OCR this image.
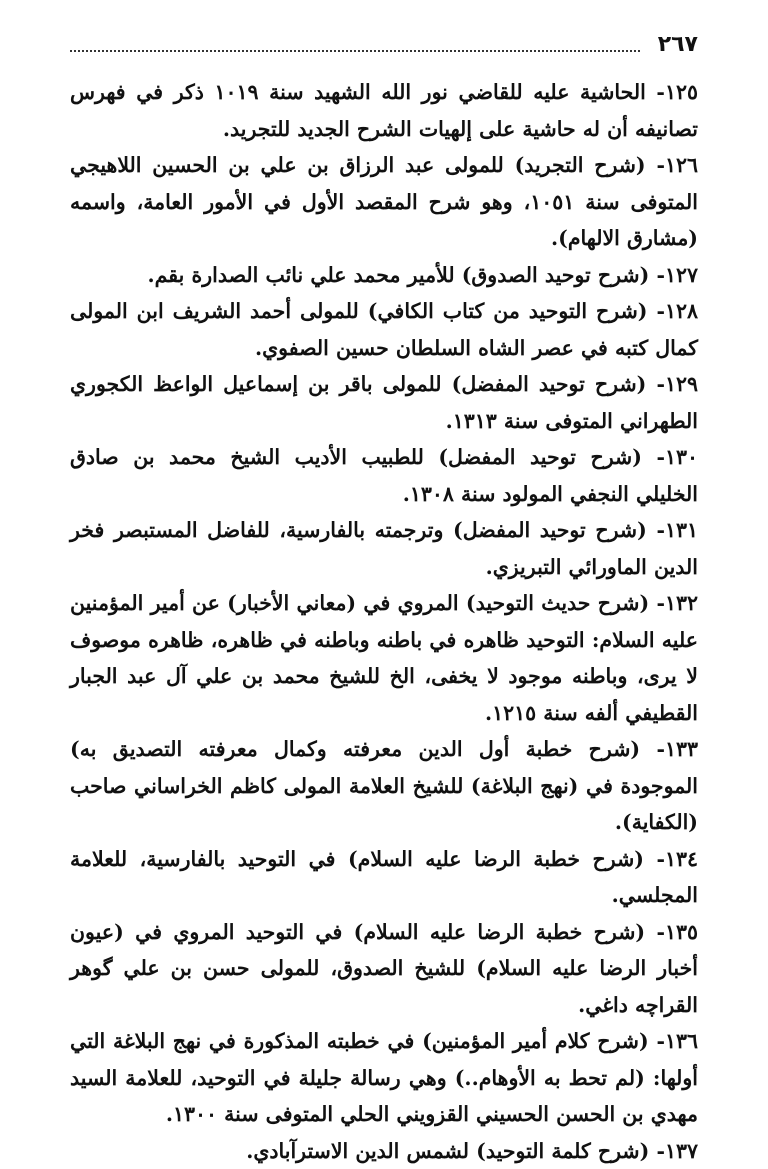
٢٦٧

١٢٥- الحاشية عليه للقاضي نور الله الشهيد سنة ١٠١٩ ذكر في فهرس تصانيفه أن له حاشية على إلهيات الشرح الجديد للتجريد.

١٢٦- (شرح التجريد) للمولى عبد الرزاق بن علي بن الحسين اللاهيجي المتوفى سنة ١٠٥١، وهو شرح المقصد الأول في الأمور العامة، واسمه (مشارق الالهام).

١٢٧- (شرح توحيد الصدوق) للأمير محمد علي نائب الصدارة بقم.

١٢٨- (شرح التوحيد من كتاب الكافي) للمولى أحمد الشريف ابن المولى كمال كتبه في عصر الشاه السلطان حسين الصفوي.

١٢٩- (شرح توحيد المفضل) للمولى باقر بن إسماعيل الواعظ الكجوري الطهراني المتوفى سنة ١٣١٣.

١٣٠- (شرح توحيد المفضل) للطبيب الأديب الشيخ محمد بن صادق الخليلي النجفي المولود سنة ١٣٠٨.

١٣١- (شرح توحيد المفضل) وترجمته بالفارسية، للفاضل المستبصر فخر الدين الماورائي التبريزي.

١٣٢- (شرح حديث التوحيد) المروي في (معاني الأخبار) عن أمير المؤمنين عليه السلام: التوحيد ظاهره في باطنه وباطنه في ظاهره، ظاهره موصوف لا يرى، وباطنه موجود لا يخفى، الخ للشيخ محمد بن علي آل عبد الجبار القطيفي ألفه سنة ١٢١٥.

١٣٣- (شرح خطبة أول الدين معرفته وكمال معرفته التصديق به) الموجودة في (نهج البلاغة) للشيخ العلامة المولى كاظم الخراساني صاحب (الكفاية).

١٣٤- (شرح خطبة الرضا عليه السلام) في التوحيد بالفارسية، للعلامة المجلسي.

١٣٥- (شرح خطبة الرضا عليه السلام) في التوحيد المروي في (عيون أخبار الرضا عليه السلام) للشيخ الصدوق، للمولى حسن بن علي گوهر القراچه داغي.

١٣٦- (شرح كلام أمير المؤمنين) في خطبته المذكورة في نهج البلاغة التي أولها: (لم تحط به الأوهام..) وهي رسالة جليلة في التوحيد، للعلامة السيد مهدي بن الحسن الحسيني القزويني الحلي المتوفى سنة ١٣٠٠.

١٣٧- (شرح كلمة التوحيد) لشمس الدين الاسترآبادي.
